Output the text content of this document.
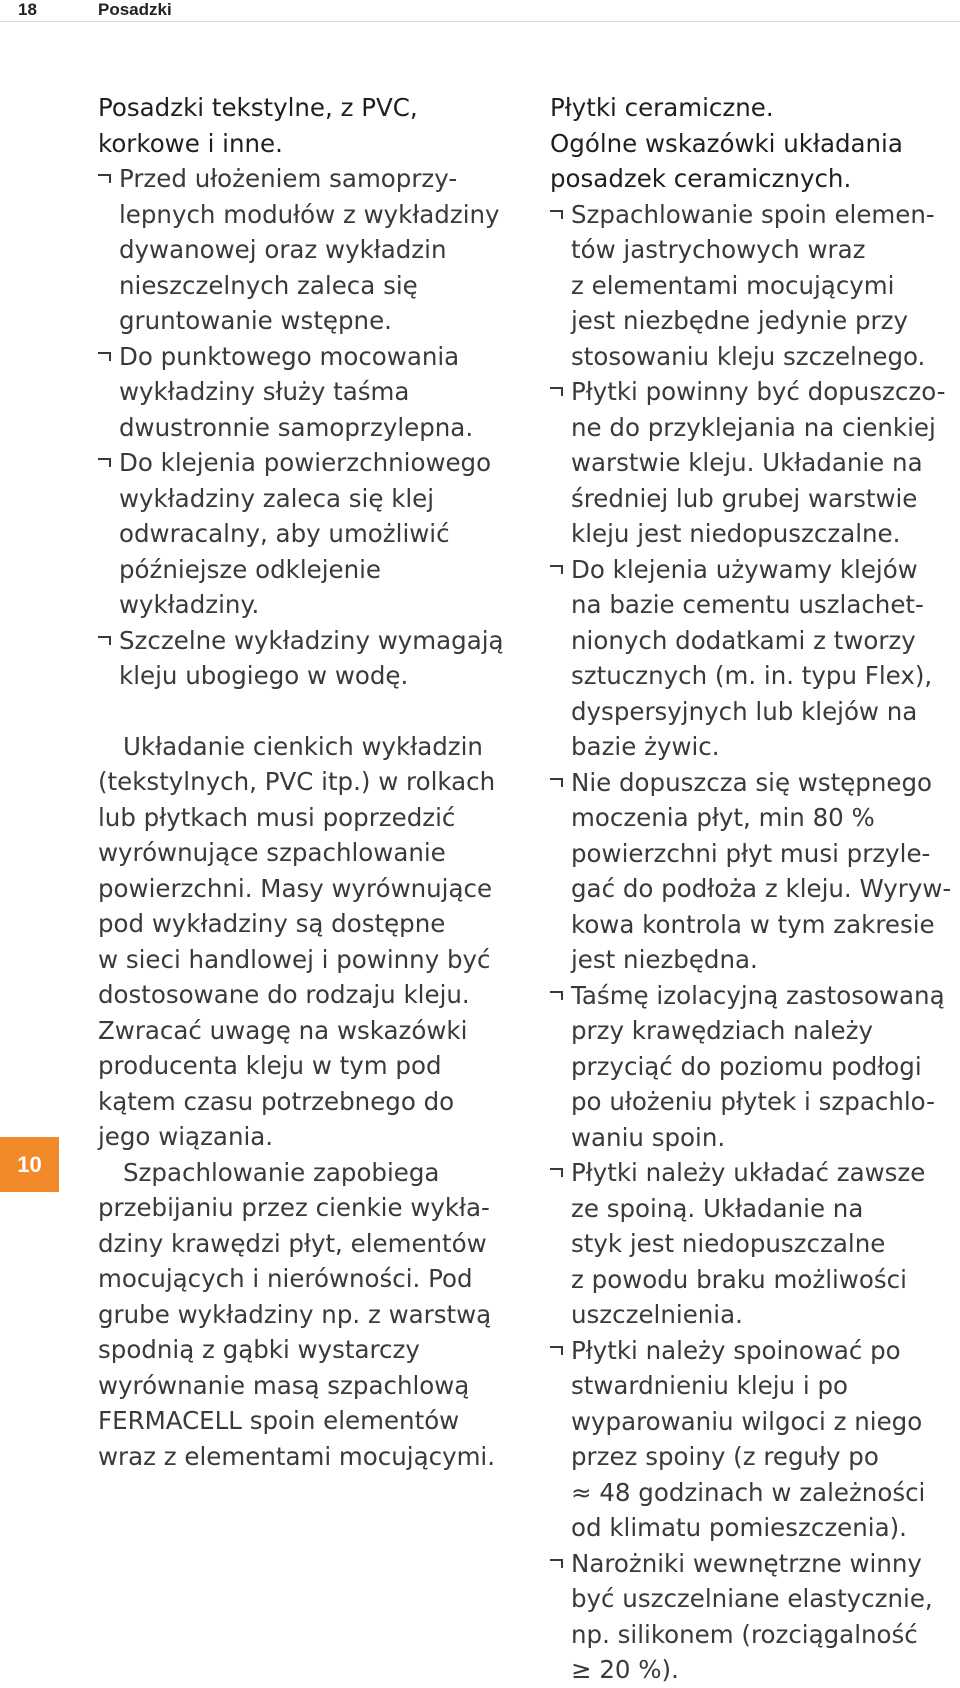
18	Posadzki
10
Posadzki tekstylne, z PVC,
korkowe i inne.
Przed ułożeniem samoprzy-
lepnych modułów z wykładziny
dywanowej oraz wykładzin
nieszczelnych zaleca się
gruntowanie wstępne.
Do punktowego mocowania
wykładziny służy taśma
dwustronnie samoprzylepna.
Do klejenia powierzchniowego
wykładziny zaleca się klej
odwracalny, aby umożliwić
późniejsze odklejenie
wykładziny.
Szczelne wykładziny wymagają
kleju ubogiego w wodę.

Układanie cienkich wykładzin
(tekstylnych, PVC itp.) w rolkach
lub płytkach musi poprzedzić
wyrównujące szpachlowanie
powierzchni. Masy wyrównujące
pod wykładziny są dostępne
w sieci handlowej i powinny być
dostosowane do rodzaju kleju.
Zwracać uwagę na wskazówki
producenta kleju w tym pod
kątem czasu potrzebnego do
jego wiązania.

Szpachlowanie zapobiega
przebijaniu przez cienkie wykła-
dziny krawędzi płyt, elementów
mocujących i nierówności. Pod
grube wykładziny np. z warstwą
spodnią z gąbki wystarczy
wyrównanie masą szpachlową
FERMACELL spoin elementów
wraz z elementami mocującymi.

Płytki ceramiczne.
Ogólne wskazówki układania
posadzek ceramicznych.
Szpachlowanie spoin elemen-
tów jastrychowych wraz
z elementami mocującymi
jest niezbędne jedynie przy
stosowaniu kleju szczelnego.
Płytki powinny być dopuszczo-
ne do przyklejania na cienkiej
warstwie kleju. Układanie na
średniej lub grubej warstwie
kleju jest niedopuszczalne.
Do klejenia używamy klejów
na bazie cementu uszlachet-
nionych dodatkami z tworzy
sztucznych (m. in. typu Flex),
dyspersyjnych lub klejów na
bazie żywic.
Nie dopuszcza się wstępnego
moczenia płyt, min 80 %
powierzchni płyt musi przyle-
gać do podłoża z kleju. Wyryw-
kowa kontrola w tym zakresie
jest niezbędna.
Taśmę izolacyjną zastosowaną
przy krawędziach należy
przyciąć do poziomu podłogi
po ułożeniu płytek i szpachlo-
waniu spoin.
Płytki należy układać zawsze
ze spoiną. Układanie na
styk jest niedopuszczalne
z powodu braku możliwości
uszczelnienia.
Płytki należy spoinować po
stwardnieniu kleju i po
wyparowaniu wilgoci z niego
przez spoiny (z reguły po
≈ 48 godzinach w zależności
od klimatu pomieszczenia).
Narożniki wewnętrzne winny
być uszczelniane elastycznie,
np. silikonem (rozciągalność
≥ 20 %).
